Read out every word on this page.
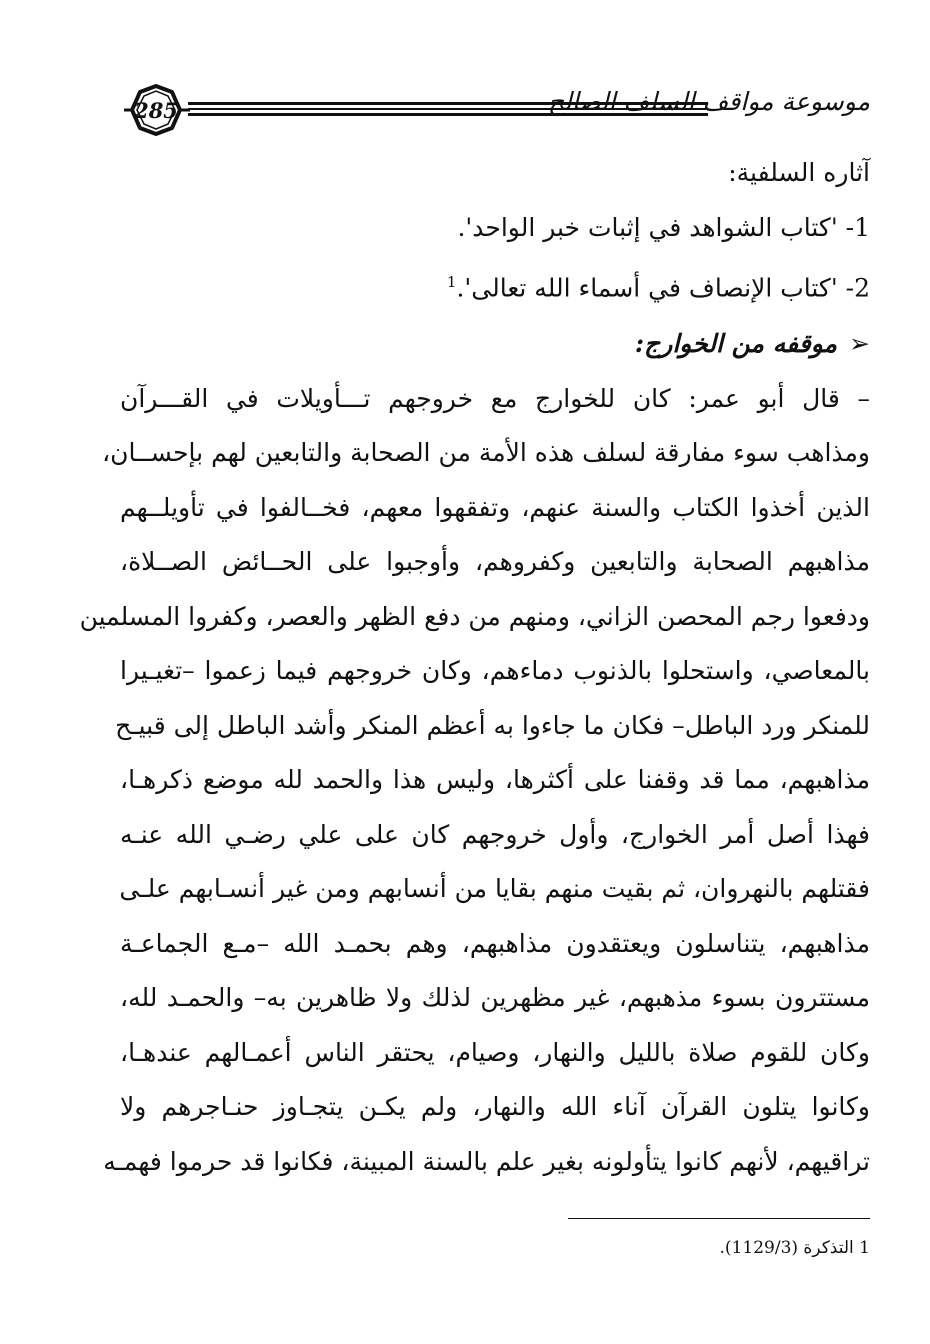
285	موسوعة مواقف السلف الصالح
آثاره السلفية:
1- 'كتاب الشواهد في إثبات خبر الواحد'.
2- 'كتاب الإنصاف في أسماء الله تعالى'.$^1$
➢موقفه من الخوارج:
– قال أبو عمر: كان للخوارج مع خروجهم تـــأويلات في القـــرآن
ومذاهب سوء مفارقة لسلف هذه الأمة من الصحابة والتابعين لهم بإحســان،
الذين أخذوا الكتاب والسنة عنهم، وتفقهوا معهم، فخــالفوا في تأويلــهم
مذاهبهم الصحابة والتابعين وكفروهم، وأوجبوا على الحــائض الصــلاة،
ودفعوا رجم المحصن الزاني، ومنهم من دفع الظهر والعصر، وكفروا المسلمين
بالمعاصي، واستحلوا بالذنوب دماءهم، وكان خروجهم فيما زعموا –تغيـيرا
للمنكر ورد الباطل– فكان ما جاءوا به أعظم المنكر وأشد الباطل إلى قبيـح
مذاهبهم، مما قد وقفنا على أكثرها، وليس هذا والحمد لله موضع ذكرهـا،
فهذا أصل أمر الخوارج، وأول خروجهم كان على علي رضـي الله عنـه
فقتلهم بالنهروان، ثم بقيت منهم بقايا من أنسابهم ومن غير أنسـابهم علـى
مذاهبهم، يتناسلون ويعتقدون مذاهبهم، وهم بحمـد الله –مـع الجماعـة
مستترون بسوء مذهبهم، غير مظهرين لذلك ولا ظاهرين به– والحمـد لله،
وكان للقوم صلاة بالليل والنهار، وصيام، يحتقر الناس أعمـالهم عندهـا،
وكانوا يتلون القرآن آناء الله والنهار، ولم يكـن يتجـاوز حنـاجرهم ولا
تراقيهم، لأنهم كانوا يتأولونه بغير علم بالسنة المبينة، فكانوا قد حرموا فهمـه
1 التذكرة (1129/3).
